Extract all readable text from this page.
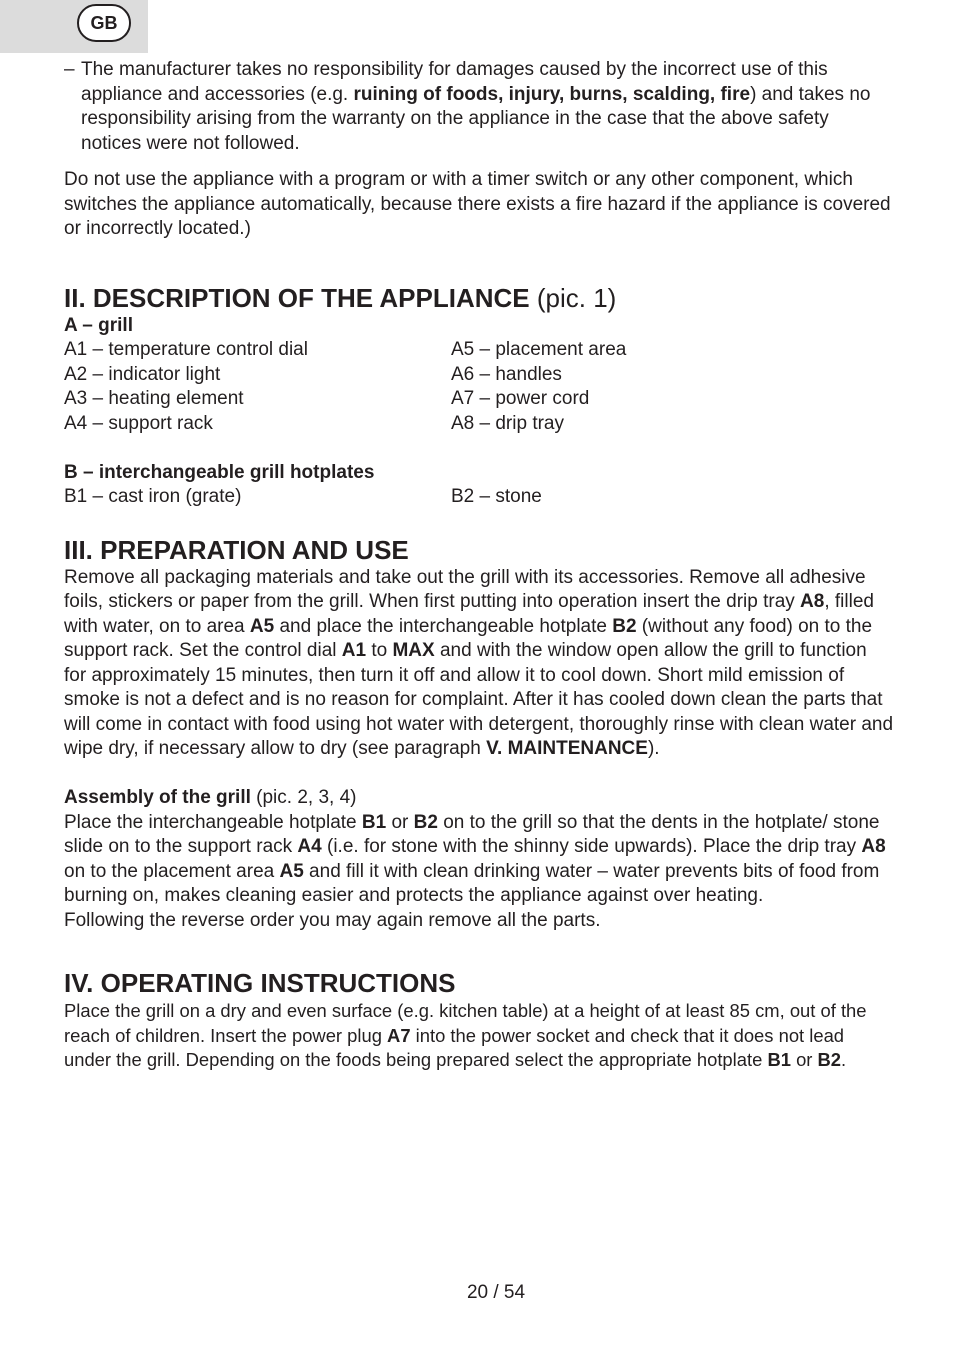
GB

– The manufacturer takes no responsibility for damages caused by the incorrect use of this appliance and accessories (e.g. ruining of foods, injury, burns, scalding, fire) and takes no responsibility arising from the warranty on the appliance in the case that the above safety notices were not followed.

Do not use the appliance with a program or with a timer switch or any other component, which switches the appliance automatically, because there exists a fire hazard if the appliance is covered or incorrectly located.)

II. DESCRIPTION OF THE APPLIANCE (pic. 1)
A – grill
A1 – temperature control dial	A5 – placement area
A2 – indicator light	A6 – handles
A3 – heating element	A7 – power cord
A4 – support rack	A8 – drip tray
B – interchangeable grill hotplates
B1 – cast iron (grate)	B2 – stone
III. PREPARATION AND USE

Remove all packaging materials and take out the grill with its accessories. Remove all adhesive foils, stickers or paper from the grill. When first putting into operation insert the drip tray A8, filled with water, on to area A5 and place the interchangeable hotplate B2 (without any food) on to the support rack. Set the control dial A1 to MAX and with the window open allow the grill to function for approximately 15 minutes, then turn it off and allow it to cool down. Short mild emission of smoke is not a defect and is no reason for complaint. After it has cooled down clean the parts that will come in contact with food using hot water with detergent, thoroughly rinse with clean water and wipe dry, if necessary allow to dry (see paragraph V. MAINTENANCE).

Assembly of the grill (pic. 2, 3, 4)

Place the interchangeable hotplate B1 or B2 on to the grill so that the dents in the hotplate/ stone slide on to the support rack A4 (i.e. for stone with the shinny side upwards). Place the drip tray A8 on to the placement area A5 and fill it with clean drinking water – water prevents bits of food from burning on, makes cleaning easier and protects the appliance against over heating.

Following the reverse order you may again remove all the parts.

IV. OPERATING INSTRUCTIONS

Place the grill on a dry and even surface (e.g. kitchen table) at a height of at least 85 cm, out of the reach of children. Insert the power plug A7 into the power socket and check that it does not lead under the grill. Depending on the foods being prepared select the appropriate hotplate B1 or B2.

20 / 54
